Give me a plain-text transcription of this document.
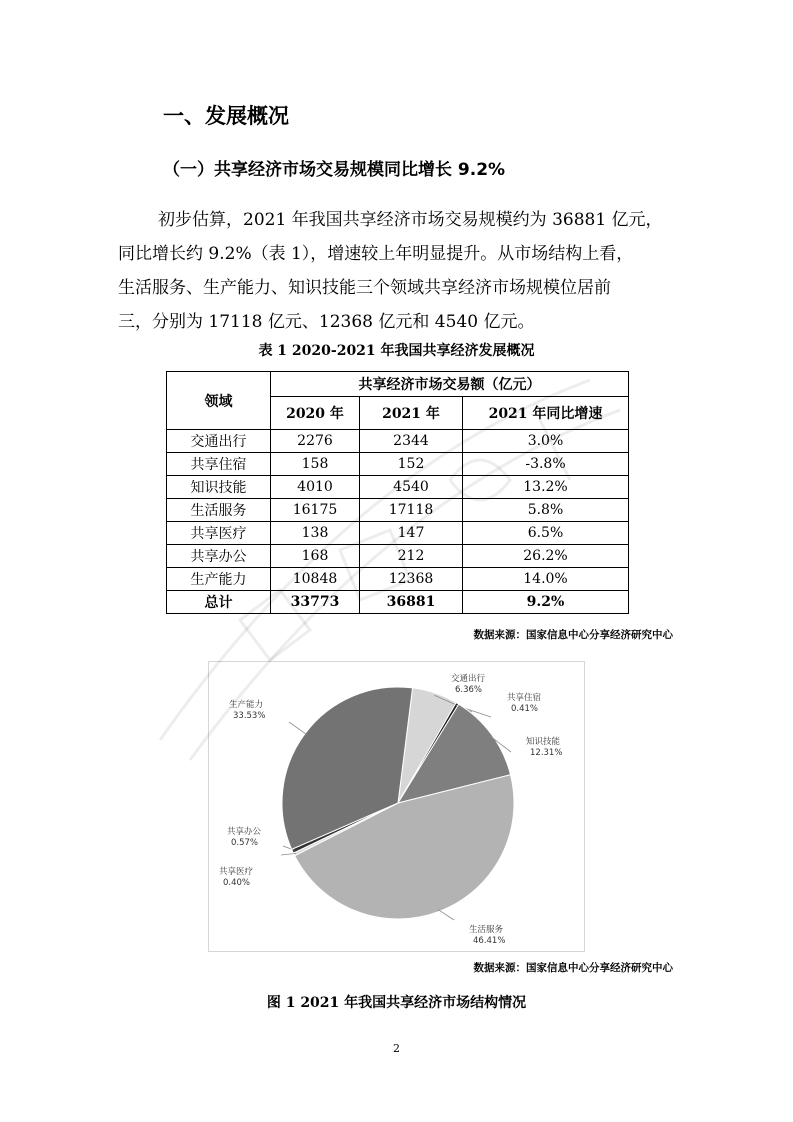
一、发展概况
（一）共享经济市场交易规模同比增长 9.2%
初步估算，2021 年我国共享经济市场交易规模约为 36881 亿元，
同比增长约 9.2%（表 1），增速较上年明显提升。从市场结构上看，
生活服务、生产能力、知识技能三个领域共享经济市场规模位居前
三，分别为 17118 亿元、12368 亿元和 4540 亿元。
表 1 2020-2021 年我国共享经济发展概况
领域	共享经济市场交易额（亿元）		
	2020 年	2021 年	2021 年同比增速
交通出行	2276	2344	3.0%
共享住宿	158	152	-3.8%
知识技能	4010	4540	13.2%
生活服务	16175	17118	5.8%
共享医疗	138	147	6.5%
共享办公	168	212	26.2%
生产能力	10848	12368	14.0%
总计	33773	36881	9.2%
数据来源：国家信息中心分享经济研究中心
交通出行
6.36%
共享住宿
0.41%
知识技能
12.31%
生活服务
46.41%
共享医疗
0.40%
共享办公
0.57%
生产能力
33.53%
数据来源：国家信息中心分享经济研究中心
图 1 2021 年我国共享经济市场结构情况
2
